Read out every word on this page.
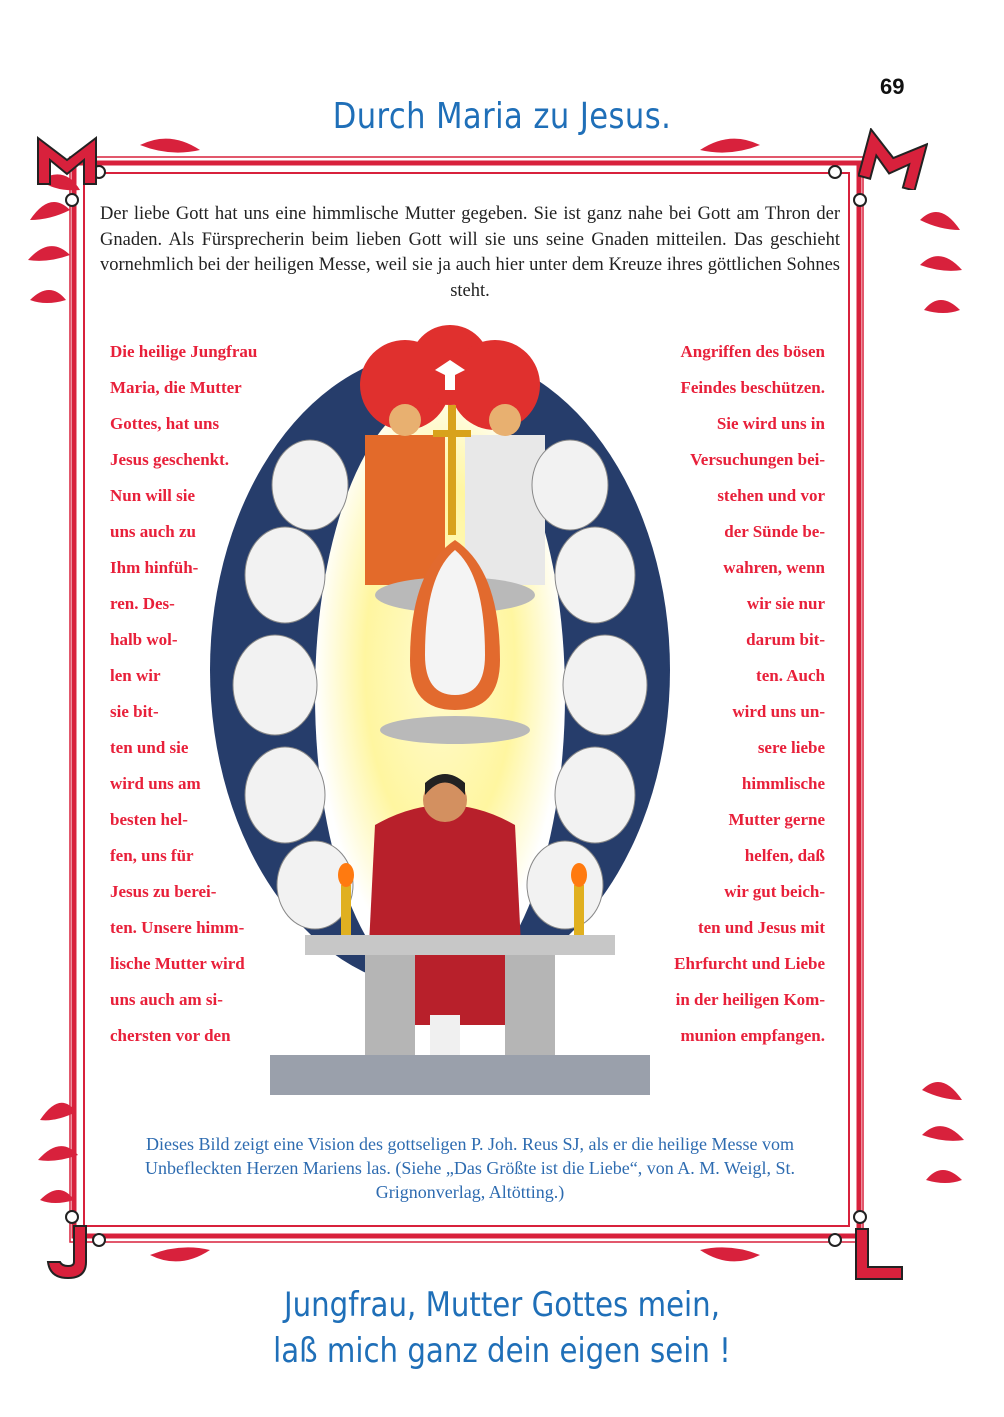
69
Durch Maria zu Jesus.
Der liebe Gott hat uns eine himmlische Mutter gegeben. Sie ist ganz nahe bei Gott am Thron der Gnaden. Als Fürsprecherin beim lieben Gott will sie uns seine Gnaden mitteilen. Das geschieht vornehmlich bei der heiligen Messe, weil sie ja auch hier unter dem Kreuze ihres göttlichen Sohnes steht.
Die heilige Jungfrau
Maria, die Mutter
Gottes, hat uns
Jesus geschenkt.
Nun will sie
uns auch zu
Ihm hinfüh-
ren. Des-
halb wol-
len wir
sie bit-
ten und sie
wird uns am
besten hel-
fen, uns für
Jesus zu berei-
ten. Unsere himm-
lische Mutter wird
uns auch am si-
chersten vor den
Angriffen des bösen
Feindes beschützen.
Sie wird uns in
Versuchungen bei-
stehen und vor
der Sünde be-
wahren, wenn
wir sie nur
darum bit-
ten. Auch
wird uns un-
sere liebe
himmlische
Mutter gerne
helfen, daß
wir gut beich-
ten und Jesus mit
Ehrfurcht und Liebe
in der heiligen Kom-
munion empfangen.
Dieses Bild zeigt eine Vision des gottseligen P. Joh. Reus SJ, als er die heilige Messe vom Unbefleckten Herzen Mariens las. (Siehe „Das Größte ist die Liebe“, von A. M. Weigl, St. Grignonverlag, Altötting.)
Jungfrau, Mutter Gottes mein,
laß mich ganz dein eigen sein !
